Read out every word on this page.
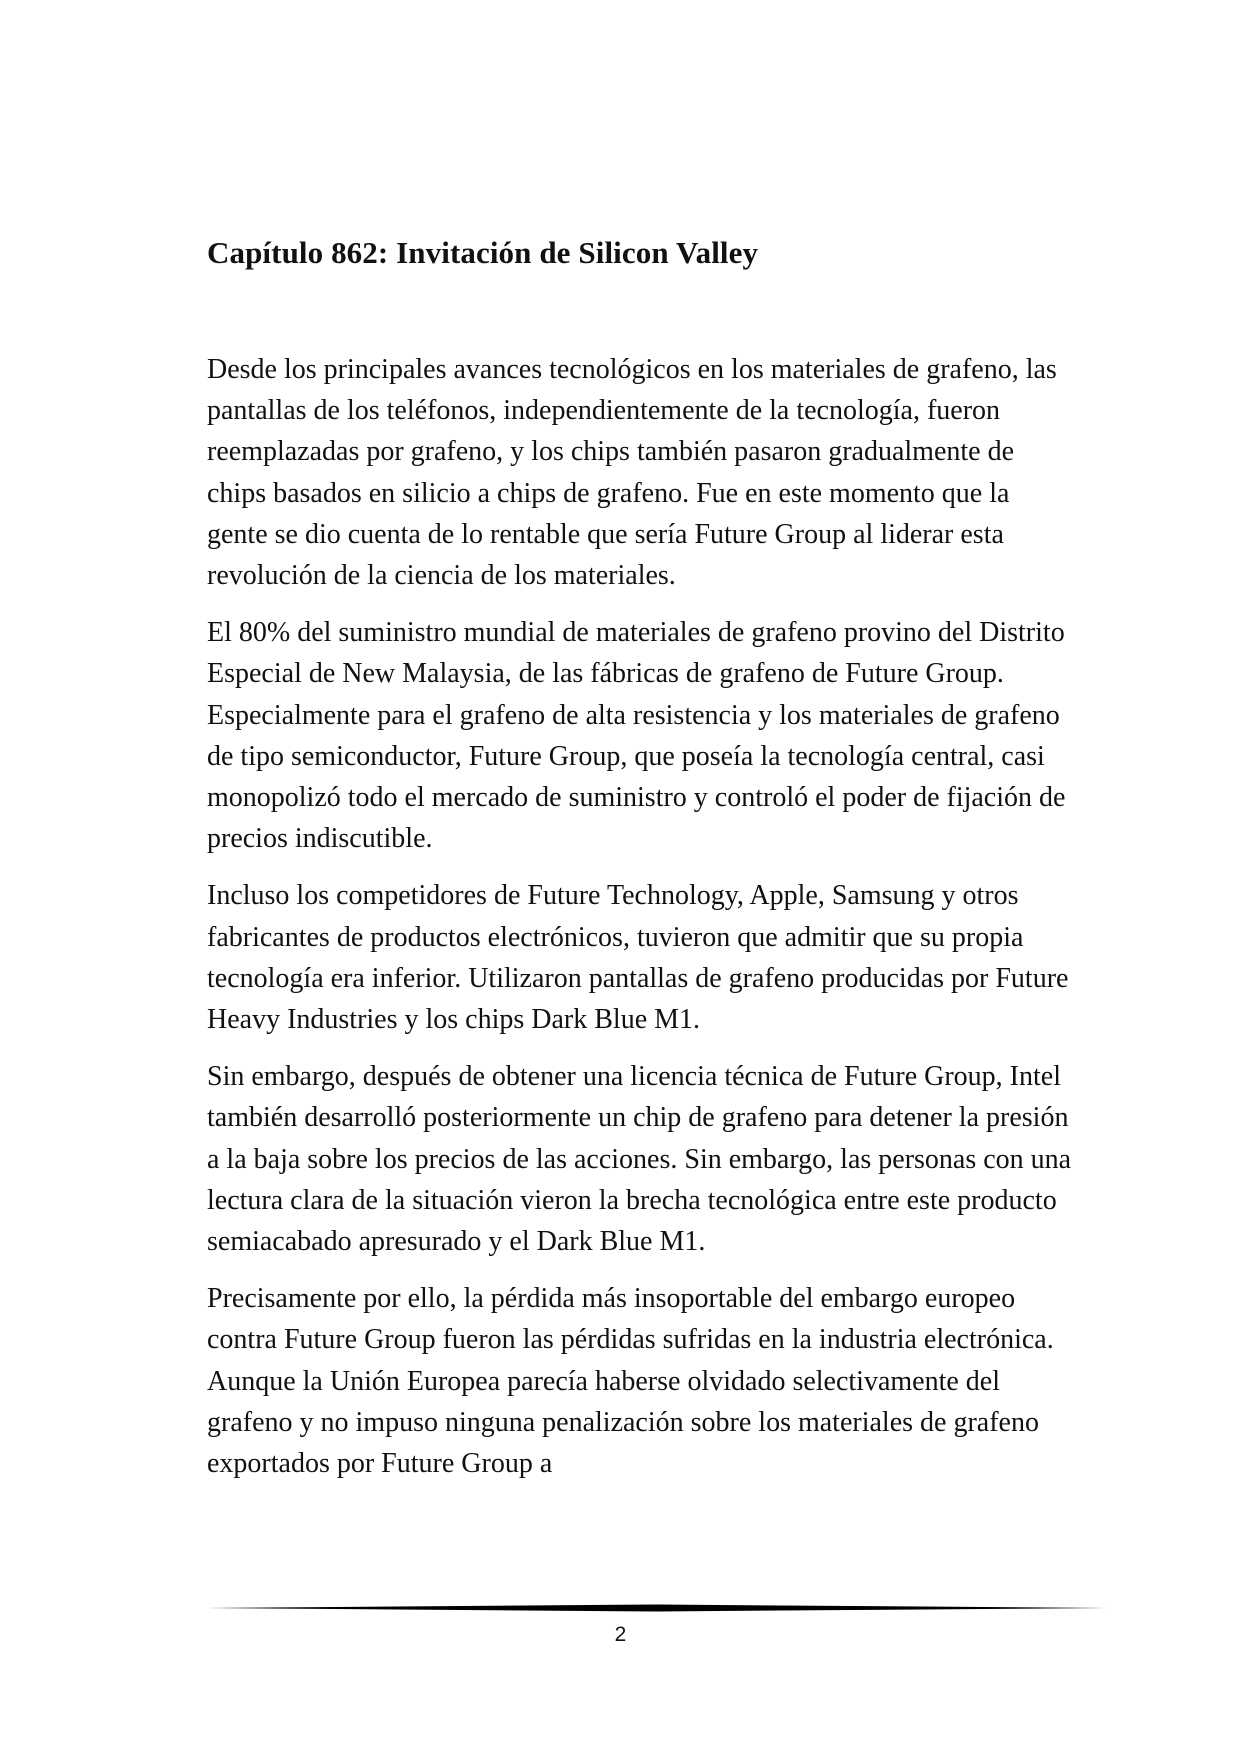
Capítulo 862: Invitación de Silicon Valley

Desde los principales avances tecnológicos en los materiales de grafeno, las pantallas de los teléfonos, independientemente de la tecnología, fueron reemplazadas por grafeno, y los chips también pasaron gradualmente de chips basados en silicio a chips de grafeno. Fue en este momento que la gente se dio cuenta de lo rentable que sería Future Group al liderar esta revolución de la ciencia de los materiales.

El 80% del suministro mundial de materiales de grafeno provino del Distrito Especial de New Malaysia, de las fábricas de grafeno de Future Group. Especialmente para el grafeno de alta resistencia y los materiales de grafeno de tipo semiconductor, Future Group, que poseía la tecnología central, casi monopolizó todo el mercado de suministro y controló el poder de fijación de precios indiscutible.

Incluso los competidores de Future Technology, Apple, Samsung y otros fabricantes de productos electrónicos, tuvieron que admitir que su propia tecnología era inferior. Utilizaron pantallas de grafeno producidas por Future Heavy Industries y los chips Dark Blue M1.

Sin embargo, después de obtener una licencia técnica de Future Group, Intel también desarrolló posteriormente un chip de grafeno para detener la presión a la baja sobre los precios de las acciones. Sin embargo, las personas con una lectura clara de la situación vieron la brecha tecnológica entre este producto semiacabado apresurado y el Dark Blue M1.

Precisamente por ello, la pérdida más insoportable del embargo europeo contra Future Group fueron las pérdidas sufridas en la industria electrónica. Aunque la Unión Europea parecía haberse olvidado selectivamente del grafeno y no impuso ninguna penalización sobre los materiales de grafeno exportados por Future Group a

2
